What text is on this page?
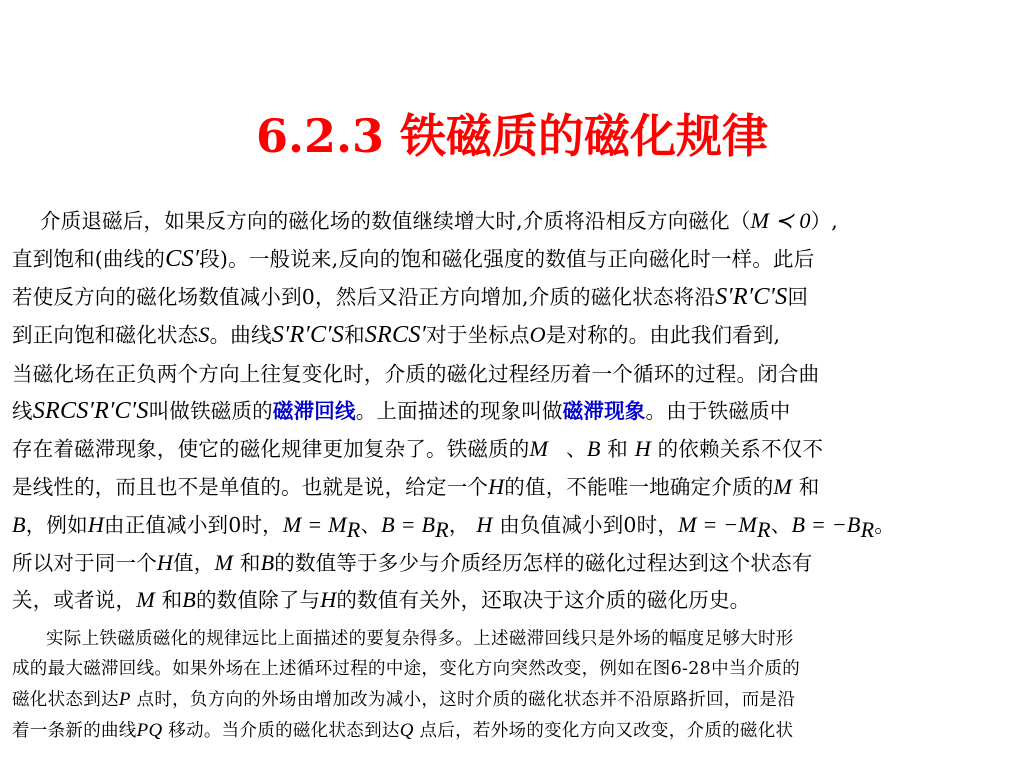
6.2.3 铁磁质的磁化规律
介质退磁后，如果反方向的磁化场的数值继续增大时,介质将沿相反方向磁化（M ≺ 0）,
直到饱和(曲线的CS′段)。一般说来,反向的饱和磁化强度的数值与正向磁化时一样。此后
若使反方向的磁化场数值减小到0，然后又沿正方向增加,介质的磁化状态将沿S′R′C′S回
到正向饱和磁化状态S。曲线S′R′C′S和SRCS′对于坐标点O是对称的。由此我们看到,
当磁化场在正负两个方向上往复变化时，介质的磁化过程经历着一个循环的过程。闭合曲
线SRCS′R′C′S叫做铁磁质的磁滞回线。上面描述的现象叫做磁滞现象。由于铁磁质中
存在着磁滞现象，使它的磁化规律更加复杂了。铁磁质的M 、B 和 H 的依赖关系不仅不
是线性的，而且也不是单值的。也就是说，给定一个H的值，不能唯一地确定介质的M 和
B，例如H由正值减小到0时，$M = M_R$、$B = B_R$， H 由负值减小到0时，$M = -M_R$、$B = -B_R$。
所以对于同一个H值，M 和B的数值等于多少与介质经历怎样的磁化过程达到这个状态有
关，或者说，M 和B的数值除了与H的数值有关外，还取决于这介质的磁化历史。
实际上铁磁质磁化的规律远比上面描述的要复杂得多。上述磁滞回线只是外场的幅度足够大时形
成的最大磁滞回线。如果外场在上述循环过程的中途，变化方向突然改变，例如在图6-28中当介质的
磁化状态到达P 点时，负方向的外场由增加改为减小，这时介质的磁化状态并不沿原路折回，而是沿
着一条新的曲线PQ 移动。当介质的磁化状态到达Q 点后，若外场的变化方向又改变，介质的磁化状
